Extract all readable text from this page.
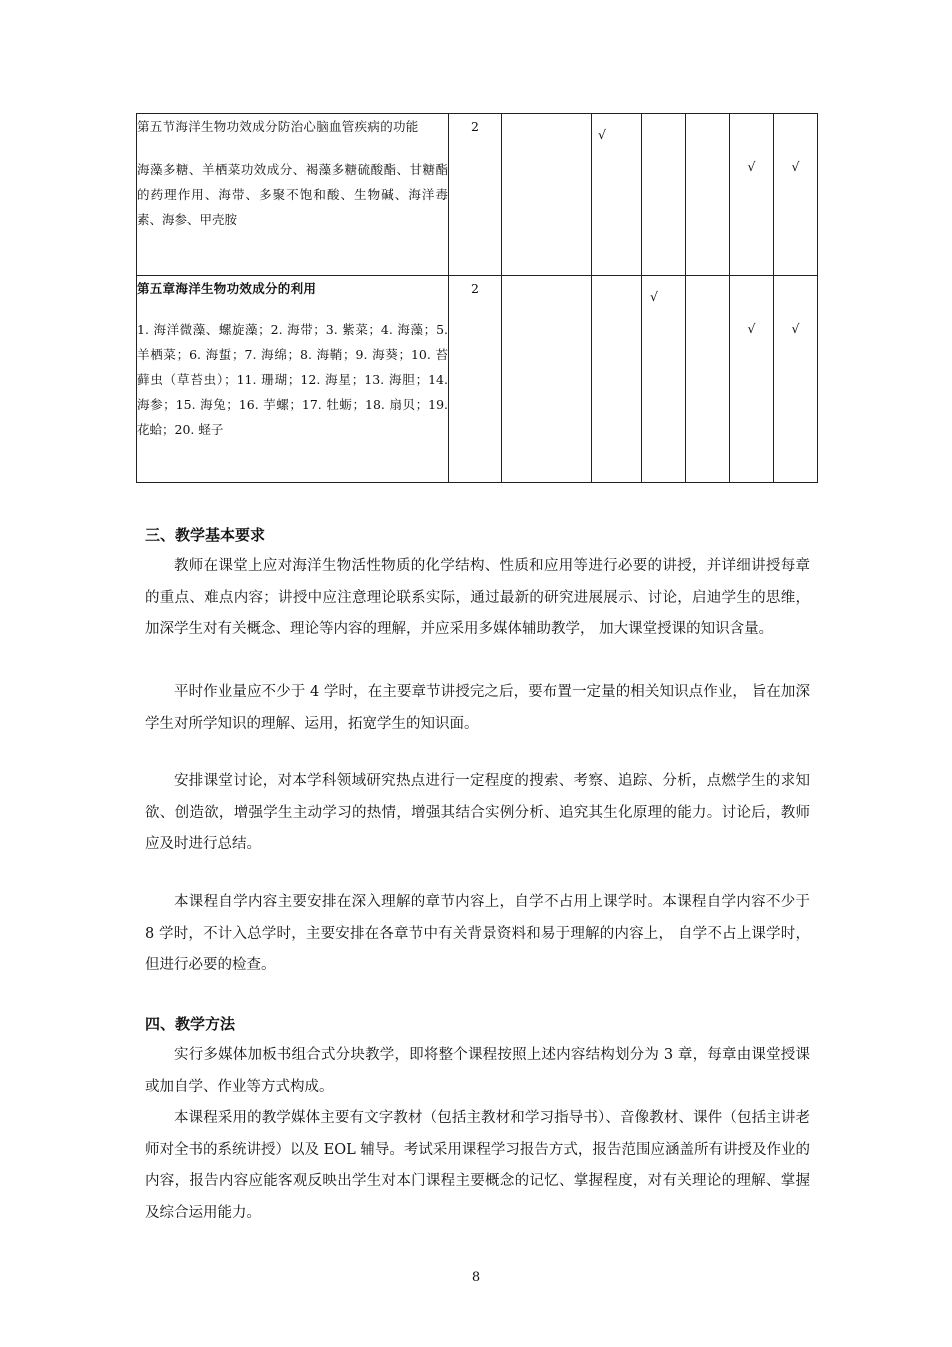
第五节海洋生物功效成分防治心脑血管疾病的功能
海藻多糖、羊栖菜功效成分、褐藻多糖硫酸酯、甘糖酯的药理作用、海带、多聚不饱和酸、生物碱、海洋毒素、海参、甲壳胺	2		√			√	√

第五章海洋生物功效成分的利用
1. 海洋微藻、螺旋藻；2. 海带；3. 紫菜；4. 海藻；5. 羊栖菜；6. 海蜇；7. 海绵；8. 海鞘；9. 海葵；10. 苔藓虫（草苔虫）；11. 珊瑚；12. 海星；13. 海胆；14. 海参；15. 海兔；16. 芋螺；17. 牡蛎；18. 扇贝；19. 花蛤；20. 蛏子	2			√		√	√
三、教学基本要求

教师在课堂上应对海洋生物活性物质的化学结构、性质和应用等进行必要的讲授，并详细讲授每章的重点、难点内容；讲授中应注意理论联系实际，通过最新的研究进展展示、讨论，启迪学生的思维，加深学生对有关概念、理论等内容的理解，并应采用多媒体辅助教学， 加大课堂授课的知识含量。

平时作业量应不少于 4 学时，在主要章节讲授完之后，要布置一定量的相关知识点作业， 旨在加深学生对所学知识的理解、运用，拓宽学生的知识面。

安排课堂讨论，对本学科领域研究热点进行一定程度的搜索、考察、追踪、分析，点燃学生的求知欲、创造欲，增强学生主动学习的热情，增强其结合实例分析、追究其生化原理的能力。讨论后，教师应及时进行总结。

本课程自学内容主要安排在深入理解的章节内容上，自学不占用上课学时。本课程自学内容不少于 8 学时，不计入总学时，主要安排在各章节中有关背景资料和易于理解的内容上， 自学不占上课学时，但进行必要的检查。

四、教学方法

实行多媒体加板书组合式分块教学，即将整个课程按照上述内容结构划分为 3 章，每章由课堂授课或加自学、作业等方式构成。

本课程采用的教学媒体主要有文字教材（包括主教材和学习指导书）、音像教材、课件（包括主讲老师对全书的系统讲授）以及 EOL 辅导。考试采用课程学习报告方式，报告范围应涵盖所有讲授及作业的内容，报告内容应能客观反映出学生对本门课程主要概念的记忆、掌握程度，对有关理论的理解、掌握及综合运用能力。

8
